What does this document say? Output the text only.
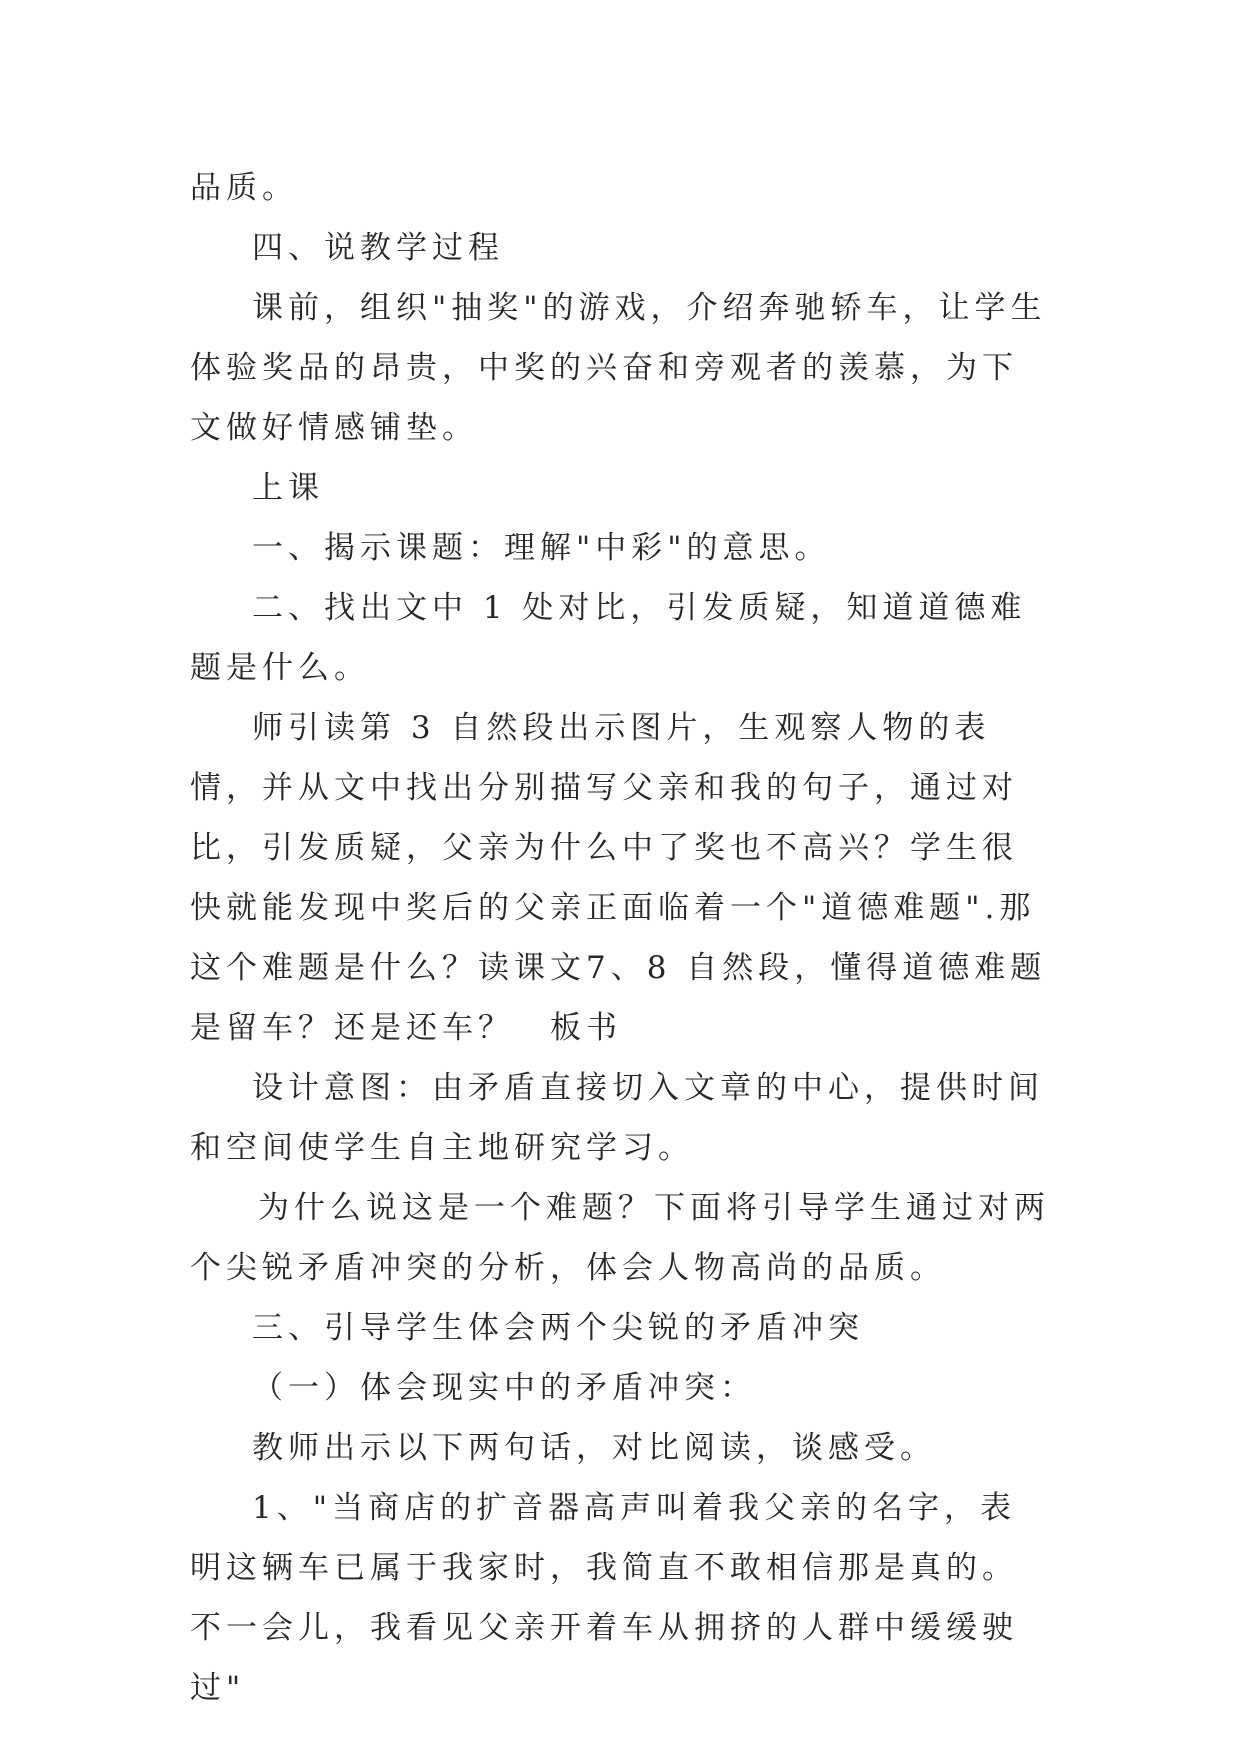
品质。

四、说教学过程

课前，组织"抽奖"的游戏，介绍奔驰轿车，让学生体验奖品的昂贵，中奖的兴奋和旁观者的羡慕，为下文做好情感铺垫。

上课

一、揭示课题：理解"中彩"的意思。

二、找出文中 1 处对比，引发质疑，知道道德难题是什么。

师引读第 3 自然段出示图片，生观察人物的表情，并从文中找出分别描写父亲和我的句子，通过对比，引发质疑，父亲为什么中了奖也不高兴？学生很快就能发现中奖后的父亲正面临着一个"道德难题".那这个难题是什么？读课文7、8 自然段，懂得道德难题是留车？还是还车？　板书

设计意图：由矛盾直接切入文章的中心，提供时间和空间使学生自主地研究学习。

为什么说这是一个难题？下面将引导学生通过对两个尖锐矛盾冲突的分析，体会人物高尚的品质。

三、引导学生体会两个尖锐的矛盾冲突

（一）体会现实中的矛盾冲突：

教师出示以下两句话，对比阅读，谈感受。

1、"当商店的扩音器高声叫着我父亲的名字，表明这辆车已属于我家时，我简直不敢相信那是真的。不一会儿，我看见父亲开着车从拥挤的人群中缓缓驶过"
